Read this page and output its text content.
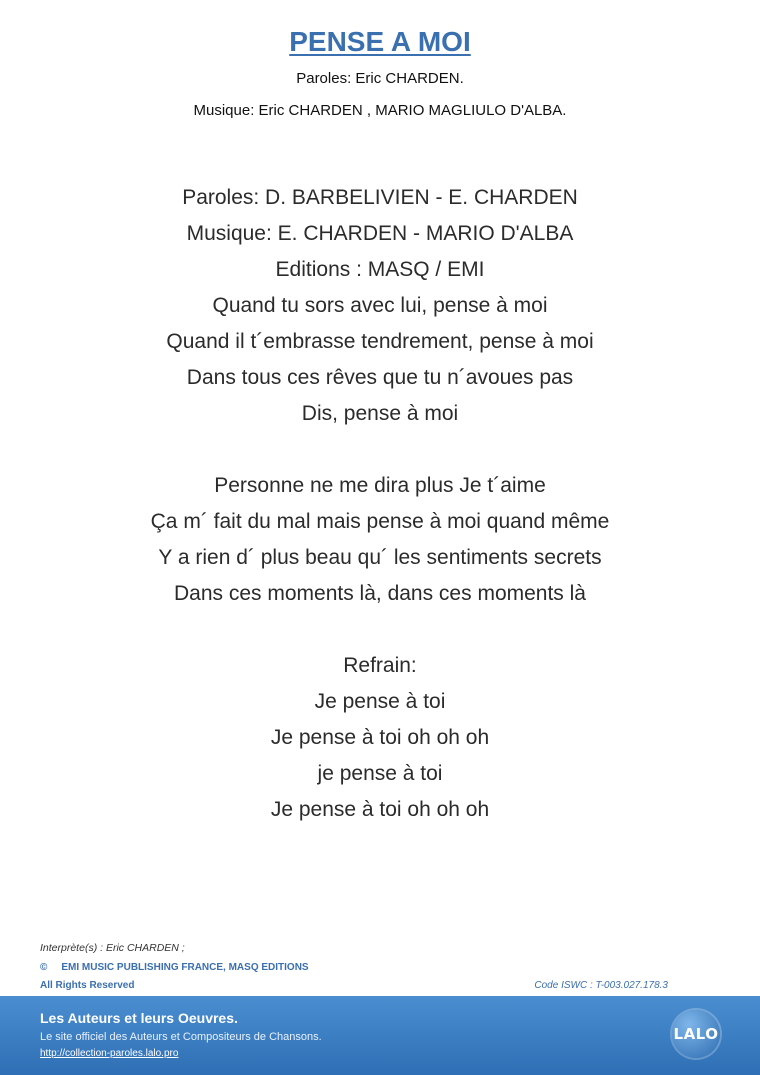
PENSE A MOI
Paroles: Eric CHARDEN.
Musique: Eric CHARDEN , MARIO MAGLIULO D'ALBA.
Paroles: D. BARBELIVIEN - E. CHARDEN
Musique: E. CHARDEN - MARIO D'ALBA
Editions : MASQ / EMI
Quand tu sors avec lui, pense à moi
Quand il t´embrasse tendrement, pense à moi
Dans tous ces rêves que tu n´avoues pas
Dis, pense à moi
Personne ne me dira plus Je t´aime
Ça m´ fait du mal mais pense à moi quand même
Y a rien d´ plus beau qu´ les sentiments secrets
Dans ces moments là, dans ces moments là
Refrain:
Je pense à toi
Je pense à toi oh oh oh
je pense à toi
Je pense à toi oh oh oh
Interprète(s) : Eric CHARDEN ;
© EMI MUSIC PUBLISHING FRANCE, MASQ EDITIONS
All Rights Reserved	Code ISWC : T-003.027.178.3
Les Auteurs et leurs Oeuvres.
Le site officiel des Auteurs et Compositeurs de Chansons.
http://collection-paroles.lalo.pro
LALO
